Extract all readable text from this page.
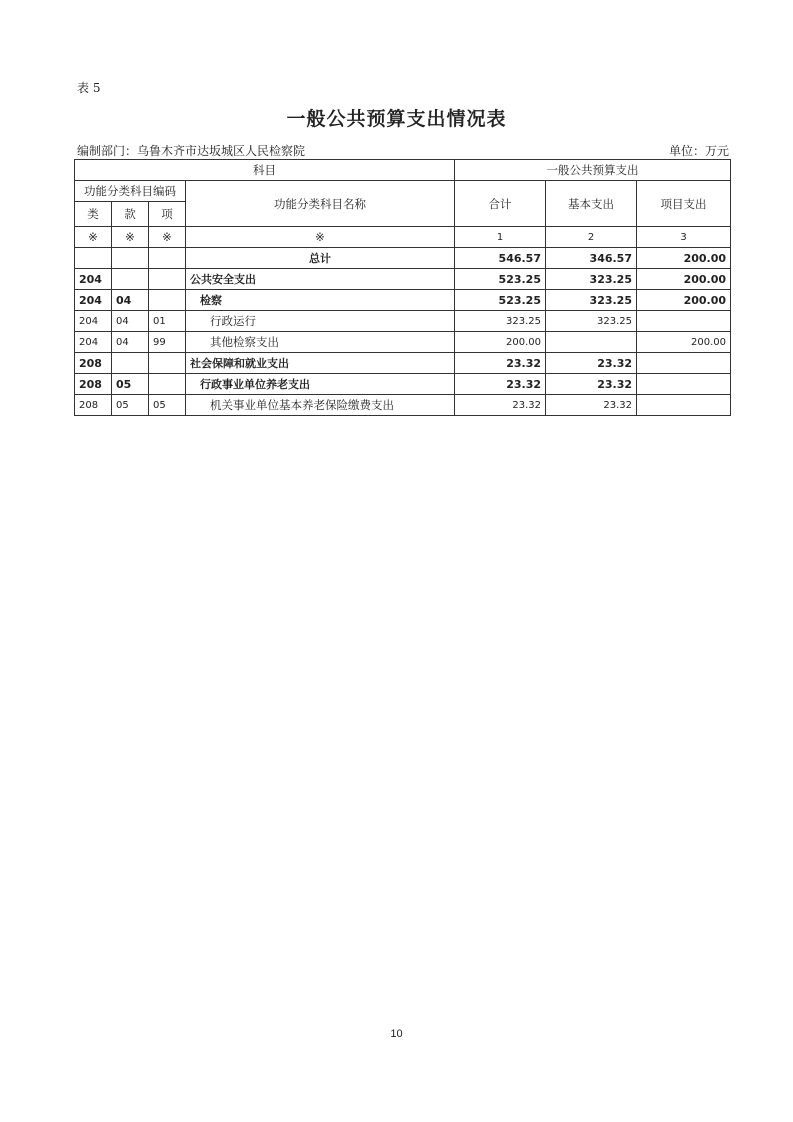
表 5
一般公共预算支出情况表
编制部门：乌鲁木齐市达坂城区人民检察院	单位：万元
科目				一般公共预算支出		
功能分类科目编码			功能分类科目名称	合计	基本支出	项目支出
类	款	项				
※	※	※	※	1	2	3
			总计	546.57	346.57	200.00
204			公共安全支出	523.25	323.25	200.00
204	04		检察	523.25	323.25	200.00
204	04	01	行政运行	323.25	323.25	
204	04	99	其他检察支出	200.00		200.00
208			社会保障和就业支出	23.32	23.32	
208	05		行政事业单位养老支出	23.32	23.32	
208	05	05	机关事业单位基本养老保险缴费支出	23.32	23.32	
10
